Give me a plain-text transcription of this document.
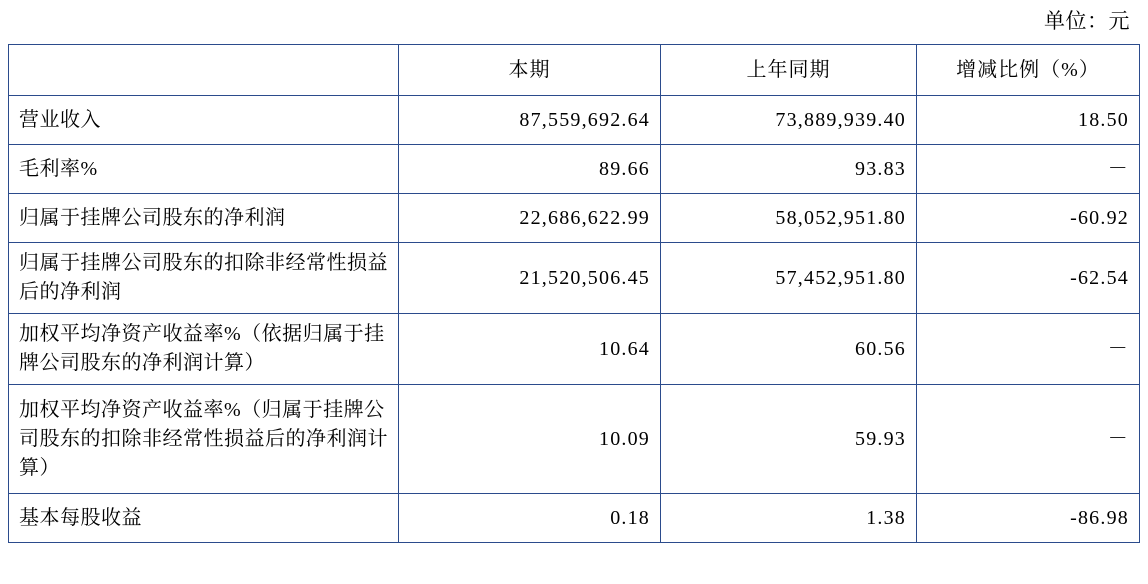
单位：元
	本期	上年同期	增减比例（%）
营业收入	87,559,692.64	73,889,939.40	18.50
毛利率%	89.66	93.83	－
归属于挂牌公司股东的净利润	22,686,622.99	58,052,951.80	-60.92
归属于挂牌公司股东的扣除非经常性损益后的净利润	21,520,506.45	57,452,951.80	-62.54
加权平均净资产收益率%（依据归属于挂牌公司股东的净利润计算）	10.64	60.56	－
加权平均净资产收益率%（归属于挂牌公司股东的扣除非经常性损益后的净利润计算）	10.09	59.93	－
基本每股收益	0.18	1.38	-86.98
